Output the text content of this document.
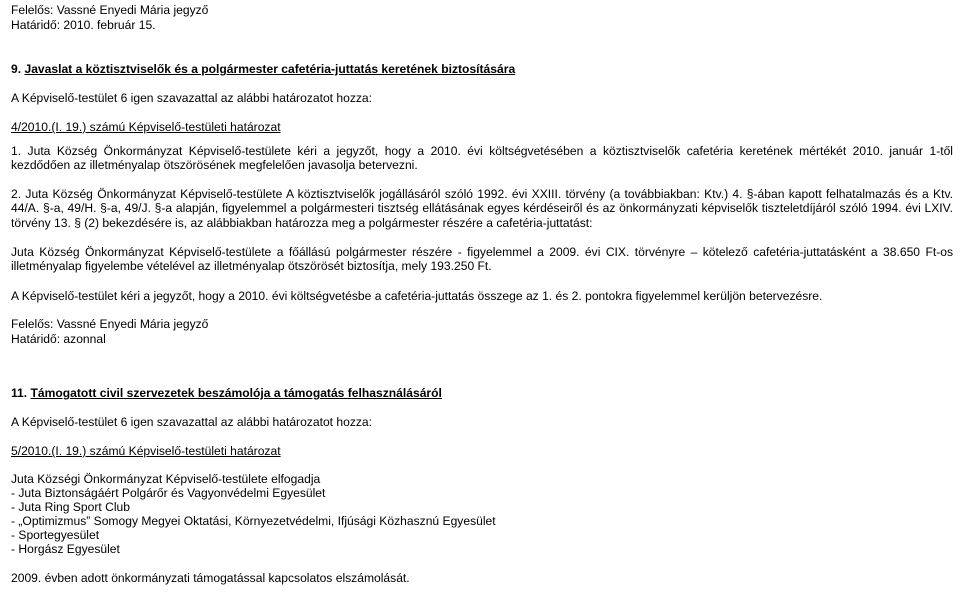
Felelős: Vassné Enyedi Mária jegyző
Határidő: 2010. február 15.
9. Javaslat a köztisztviselők és a polgármester cafetéria-juttatás keretének biztosítására
A Képviselő-testület 6 igen szavazattal az alábbi határozatot hozza:
4/2010.(I. 19.) számú Képviselő-testületi határozat
1. Juta Község Önkormányzat Képviselő-testülete kéri a jegyzőt, hogy a 2010. évi költségvetésében a köztisztviselők cafetéria keretének mértékét 2010. január 1-től kezdődően az illetményalap ötszörösének megfelelően javasolja betervezni.
2. Juta Község Önkormányzat Képviselő-testülete A köztisztviselők jogállásáról szóló 1992. évi XXIII. törvény (a továbbiakban: Ktv.) 4. §-ában kapott felhatalmazás és a Ktv. 44/A. §-a, 49/H. §-a, 49/J. §-a alapján, figyelemmel a polgármesteri tisztség ellátásának egyes kérdéseiről és az önkormányzati képviselők tiszteletdíjáról szóló 1994. évi LXIV. törvény 13. § (2) bekezdésére is, az alábbiakban határozza meg a polgármester részére a cafetéria-juttatást:
Juta Község Önkormányzat Képviselő-testülete a főállású polgármester részére - figyelemmel a 2009. évi CIX. törvényre – kötelező cafetéria-juttatásként a 38.650 Ft-os illetményalap figyelembe vételével az illetményalap ötszörösét biztosítja, mely 193.250 Ft.
A Képviselő-testület kéri a jegyzőt, hogy a 2010. évi költségvetésbe a cafetéria-juttatás összege az 1. és 2. pontokra figyelemmel kerüljön betervezésre.
Felelős: Vassné Enyedi Mária jegyző
Határidő: azonnal
11. Támogatott civil szervezetek beszámolója a támogatás felhasználásáról
A Képviselő-testület 6 igen szavazattal az alábbi határozatot hozza:
5/2010.(I. 19.) számú Képviselő-testületi határozat
Juta Községi Önkormányzat Képviselő-testülete elfogadja
- Juta Biztonságáért Polgárőr és Vagyonvédelmi Egyesület
- Juta Ring Sport Club
- „Optimizmus” Somogy Megyei Oktatási, Környezetvédelmi, Ifjúsági Közhasznú Egyesület
- Sportegyesület
- Horgász Egyesület
2009. évben adott önkormányzati támogatással kapcsolatos elszámolását.
